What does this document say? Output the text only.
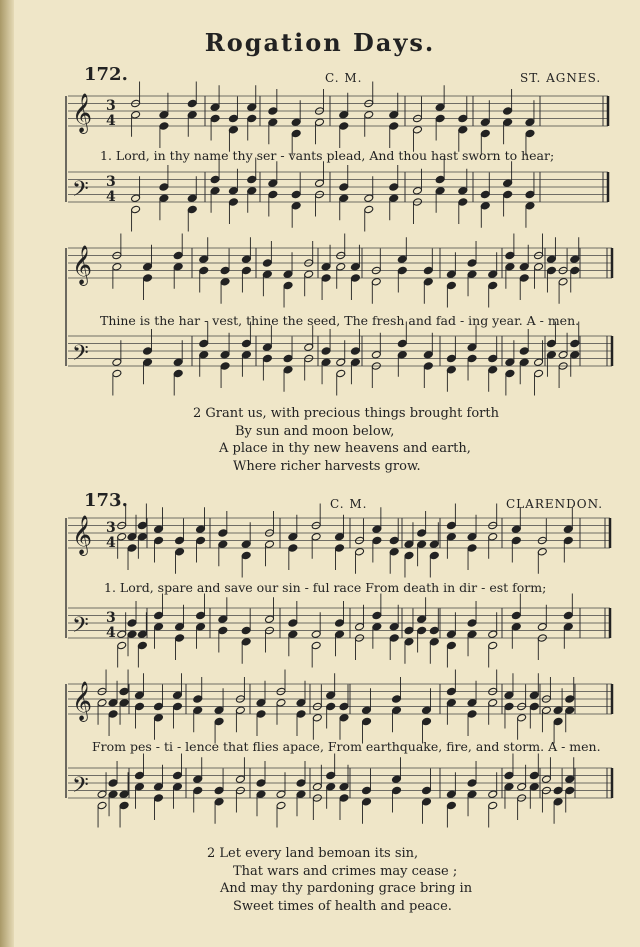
Rogation Days.
172.	C. M.	ST. AGNES.
𝄞 3
4
𝄢 3
4
1. Lord, in thy name thy ser - vants plead, And thou hast sworn to hear;
𝄞
𝄢
Thine is the har - vest, thine the seed, The fresh and fad - ing year. A - men.
2 Grant us, with precious things brought forth
By sun and moon below,
A place in thy new heavens and earth,
Where richer harvests grow.
173.	C. M.	CLARENDON.
𝄞 3
4
𝄢 3
4
1. Lord, spare and save our sin - ful race From death in dir - est form;
𝄞
𝄢
From pes - ti - lence that flies apace, From earthquake, fire, and storm. A - men.
2 Let every land bemoan its sin,
That wars and crimes may cease ;
And may thy pardoning grace bring in
Sweet times of health and peace.
